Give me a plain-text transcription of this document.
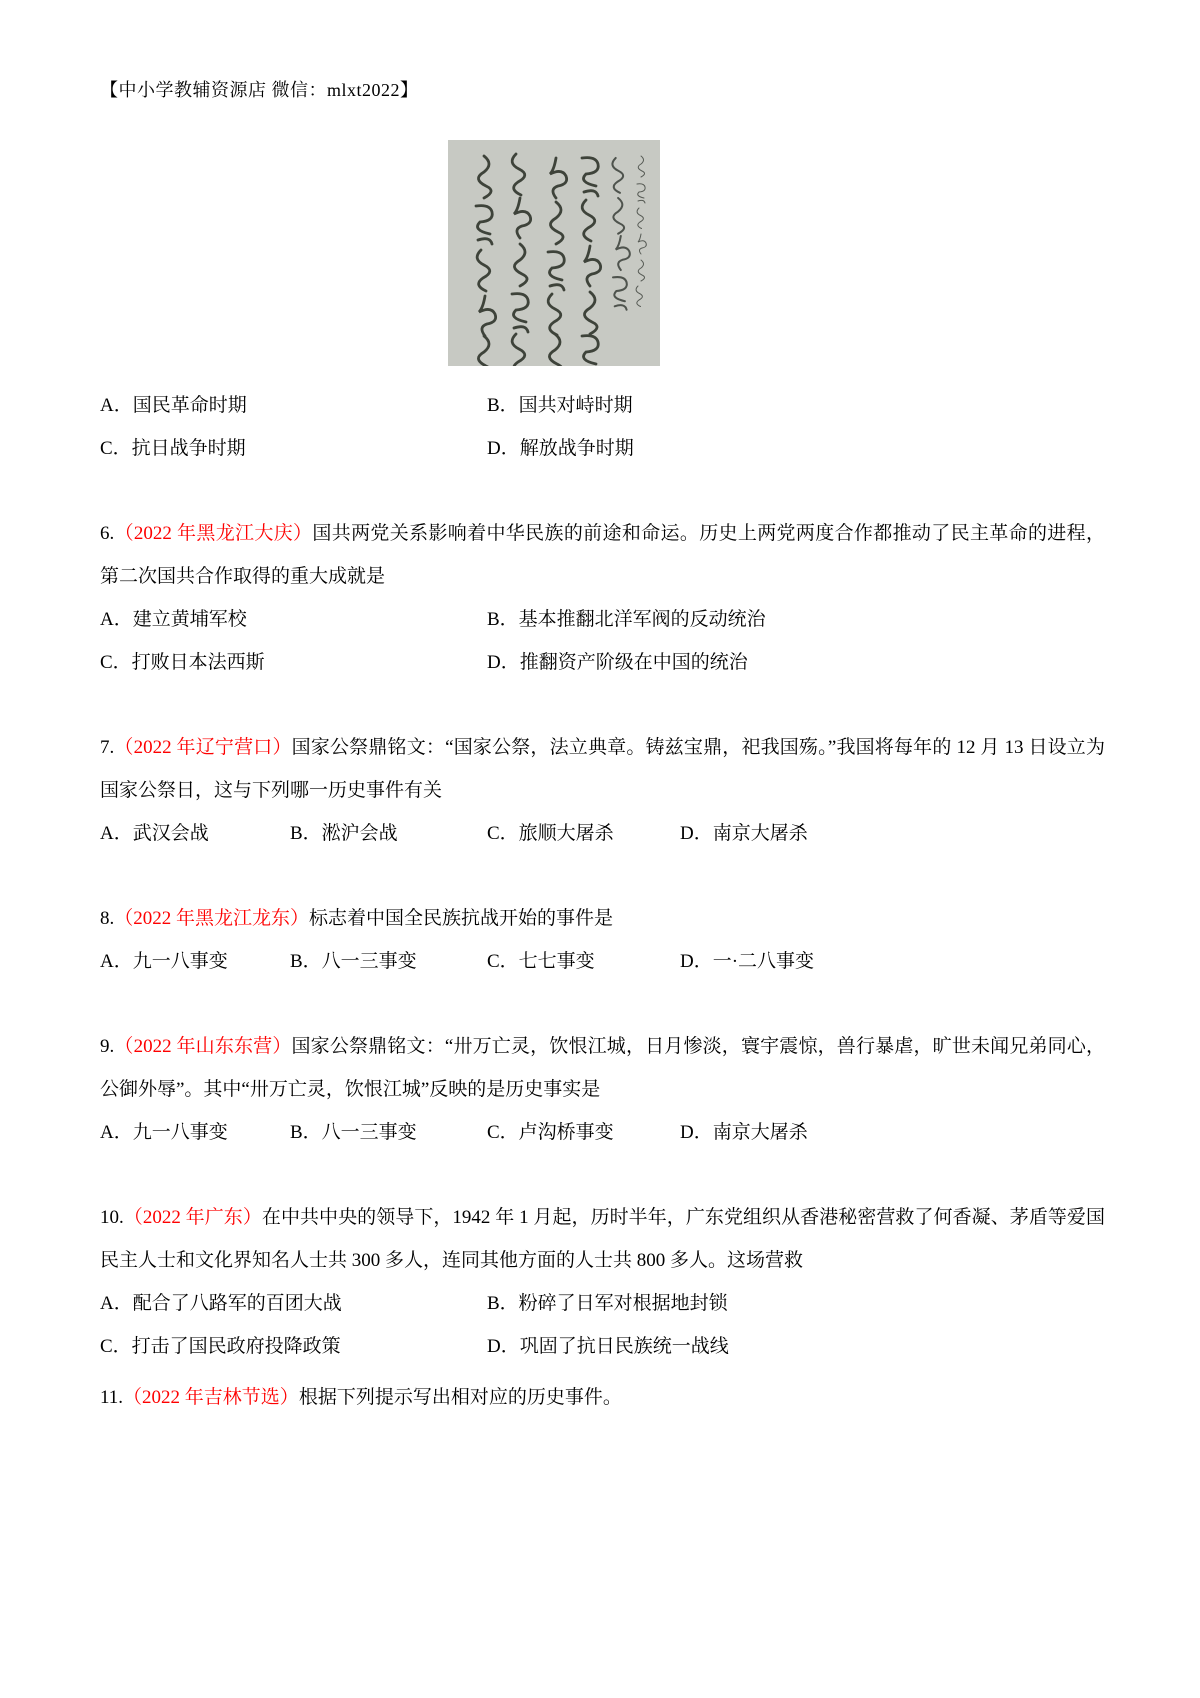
【中小学教辅资源店 微信：mlxt2022】
A．国民革命时期	B．国共对峙时期
C．抗日战争时期	D．解放战争时期

6.（2022 年黑龙江大庆）国共两党关系影响着中华民族的前途和命运。历史上两党两度合作都推动了民主革命的进程，第二次国共合作取得的重大成就是

A．建立黄埔军校	B．基本推翻北洋军阀的反动统治
C．打败日本法西斯	D．推翻资产阶级在中国的统治

7.（2022 年辽宁营口）国家公祭鼎铭文：“国家公祭，法立典章。铸兹宝鼎，祀我国殇。”我国将每年的 12 月 13 日设立为国家公祭日，这与下列哪一历史事件有关

A．武汉会战	B．淞沪会战	C．旅顺大屠杀	D．南京大屠杀

8.（2022 年黑龙江龙东）标志着中国全民族抗战开始的事件是

A．九一八事变	B．八一三事变	C．七七事变	D．一·二八事变

9.（2022 年山东东营）国家公祭鼎铭文：“卅万亡灵，饮恨江城，日月惨淡，寰宇震惊，兽行暴虐，旷世未闻兄弟同心，公御外辱”。其中“卅万亡灵，饮恨江城”反映的是历史事实是

A．九一八事变	B．八一三事变	C．卢沟桥事变	D．南京大屠杀

10.（2022 年广东）在中共中央的领导下，1942 年 1 月起，历时半年，广东党组织从香港秘密营救了何香凝、茅盾等爱国民主人士和文化界知名人士共 300 多人，连同其他方面的人士共 800 多人。这场营救

A．配合了八路军的百团大战	B．粉碎了日军对根据地封锁
C．打击了国民政府投降政策	D．巩固了抗日民族统一战线

11.（2022 年吉林节选）根据下列提示写出相对应的历史事件。
